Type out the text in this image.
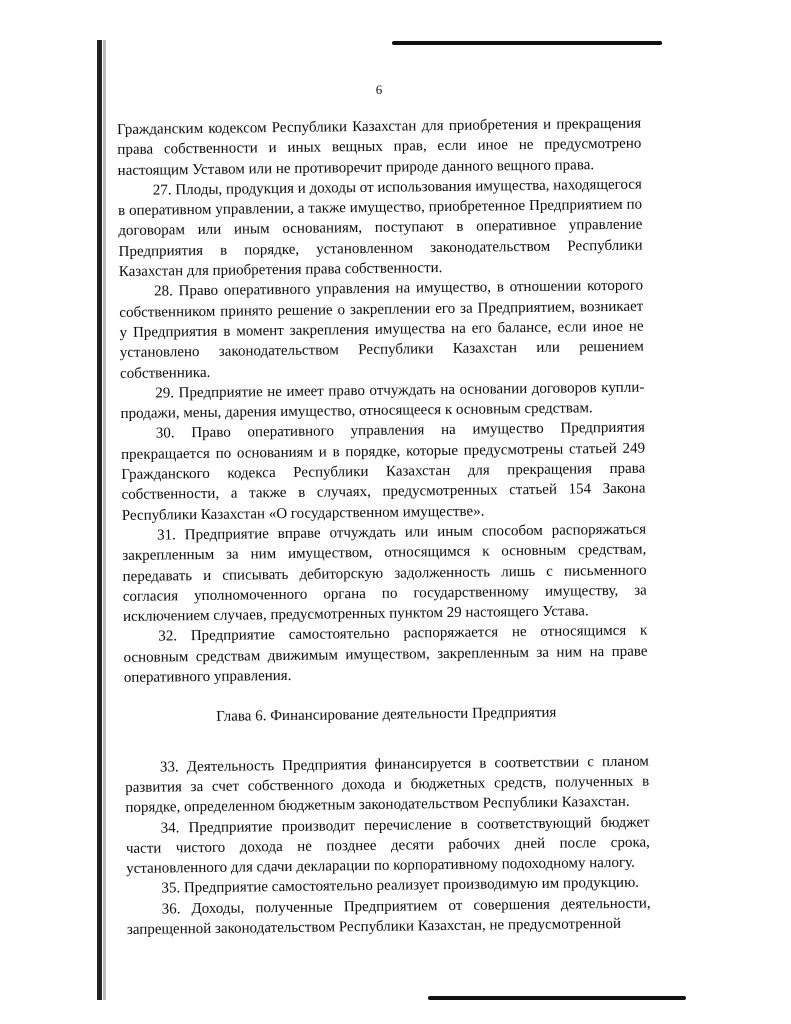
6

Гражданским кодексом Республики Казахстан для приобретения и прекращения права собственности и иных вещных прав, если иное не предусмотрено настоящим Уставом или не противоречит природе данного вещного права.

27. Плоды, продукция и доходы от использования имущества, находящегося в оперативном управлении, а также имущество, приобретенное Предприятием по договорам или иным основаниям, поступают в оперативное управление Предприятия в порядке, установленном законодательством Республики Казахстан для приобретения права собственности.

28. Право оперативного управления на имущество, в отношении которого собственником принято решение о закреплении его за Предприятием, возникает у Предприятия в момент закрепления имущества на его балансе, если иное не установлено законодательством Республики Казахстан или решением собственника.

29. Предприятие не имеет право отчуждать на основании договоров купли-продажи, мены, дарения имущество, относящееся к основным средствам.

30. Право оперативного управления на имущество Предприятия прекращается по основаниям и в порядке, которые предусмотрены статьей 249 Гражданского кодекса Республики Казахстан для прекращения права собственности, а также в случаях, предусмотренных статьей 154 Закона Республики Казахстан «О государственном имуществе».

31. Предприятие вправе отчуждать или иным способом распоряжаться закрепленным за ним имуществом, относящимся к основным средствам, передавать и списывать дебиторскую задолженность лишь с письменного согласия уполномоченного органа по государственному имуществу, за исключением случаев, предусмотренных пунктом 29 настоящего Устава.

32. Предприятие самостоятельно распоряжается не относящимся к основным средствам движимым имуществом, закрепленным за ним на праве оперативного управления.

Глава 6. Финансирование деятельности Предприятия

33. Деятельность Предприятия финансируется в соответствии с планом развития за счет собственного дохода и бюджетных средств, полученных в порядке, определенном бюджетным законодательством Республики Казахстан.

34. Предприятие производит перечисление в соответствующий бюджет части чистого дохода не позднее десяти рабочих дней после срока, установленного для сдачи декларации по корпоративному подоходному налогу.

35. Предприятие самостоятельно реализует производимую им продукцию.

36. Доходы, полученные Предприятием от совершения деятельности, запрещенной законодательством Республики Казахстан, не предусмотренной
